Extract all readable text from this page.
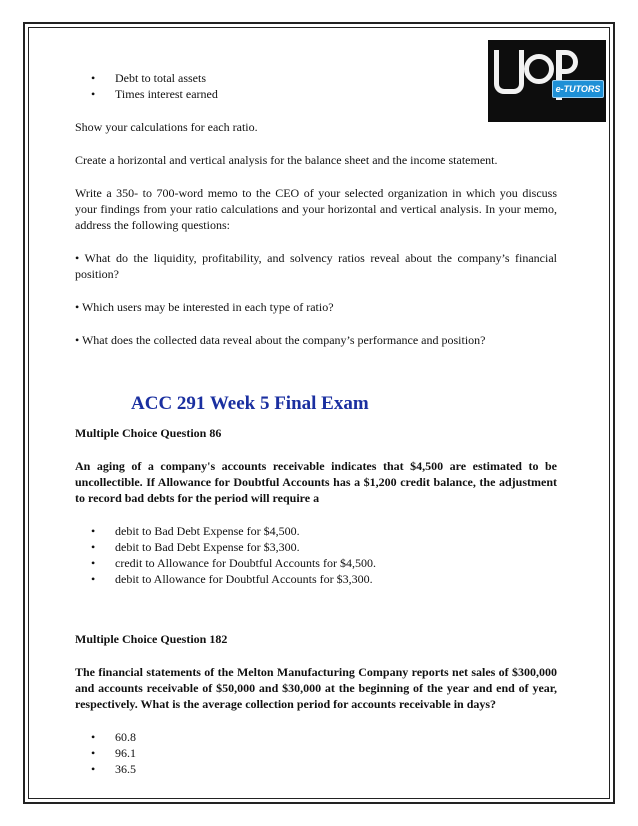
e-TUTORS
• Debt to total assets
• Times interest earned

Show your calculations for each ratio.

Create a horizontal and vertical analysis for the balance sheet and the income statement.

Write a 350- to 700-word memo to the CEO of your selected organization in which you discuss your findings from your ratio calculations and your horizontal and vertical analysis. In your memo, address the following questions:

• What do the liquidity, profitability, and solvency ratios reveal about the company’s financial position?

• Which users may be interested in each type of ratio?

• What does the collected data reveal about the company’s performance and position?

ACC 291 Week 5 Final Exam

Multiple Choice Question 86

An aging of a company's accounts receivable indicates that $4,500 are estimated to be uncollectible. If Allowance for Doubtful Accounts has a $1,200 credit balance, the adjustment to record bad debts for the period will require a

• debit to Bad Debt Expense for $4,500.
• debit to Bad Debt Expense for $3,300.
• credit to Allowance for Doubtful Accounts for $4,500.
• debit to Allowance for Doubtful Accounts for $3,300.

Multiple Choice Question 182

The financial statements of the Melton Manufacturing Company reports net sales of $300,000 and accounts receivable of $50,000 and $30,000 at the beginning of the year and end of year, respectively. What is the average collection period for accounts receivable in days?

• 60.8
• 96.1
• 36.5
